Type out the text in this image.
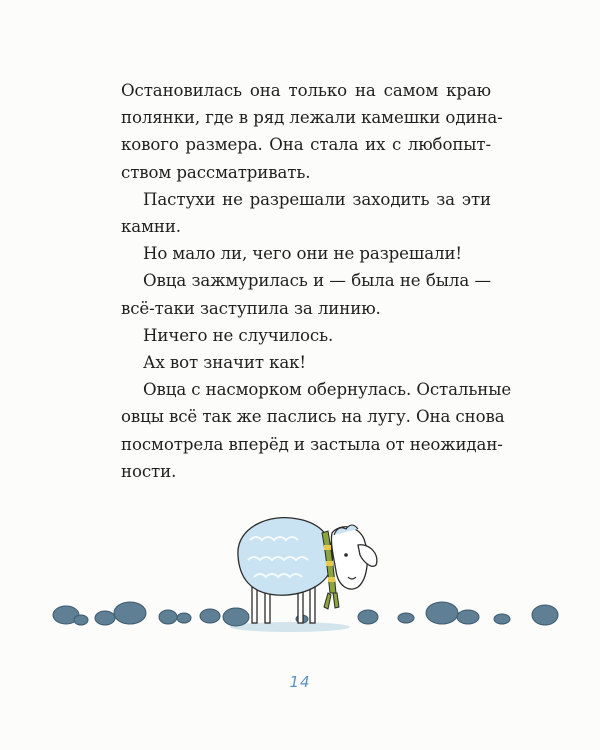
Остановилась она только на самом краю
полянки, где в ряд лежали камешки одина-
кового размера. Она стала их с любопыт-
ством рассматривать.
Пастухи не разрешали заходить за эти
камни.
Но мало ли, чего они не разрешали!
Овца зажмурилась и — была не была —
всё-таки заступила за линию.
Ничего не случилось.
Ах вот значит как!
Овца с насморком обернулась. Остальные
овцы всё так же паслись на лугу. Она снова
посмотрела вперёд и застыла от неожидан-
ности.
14
